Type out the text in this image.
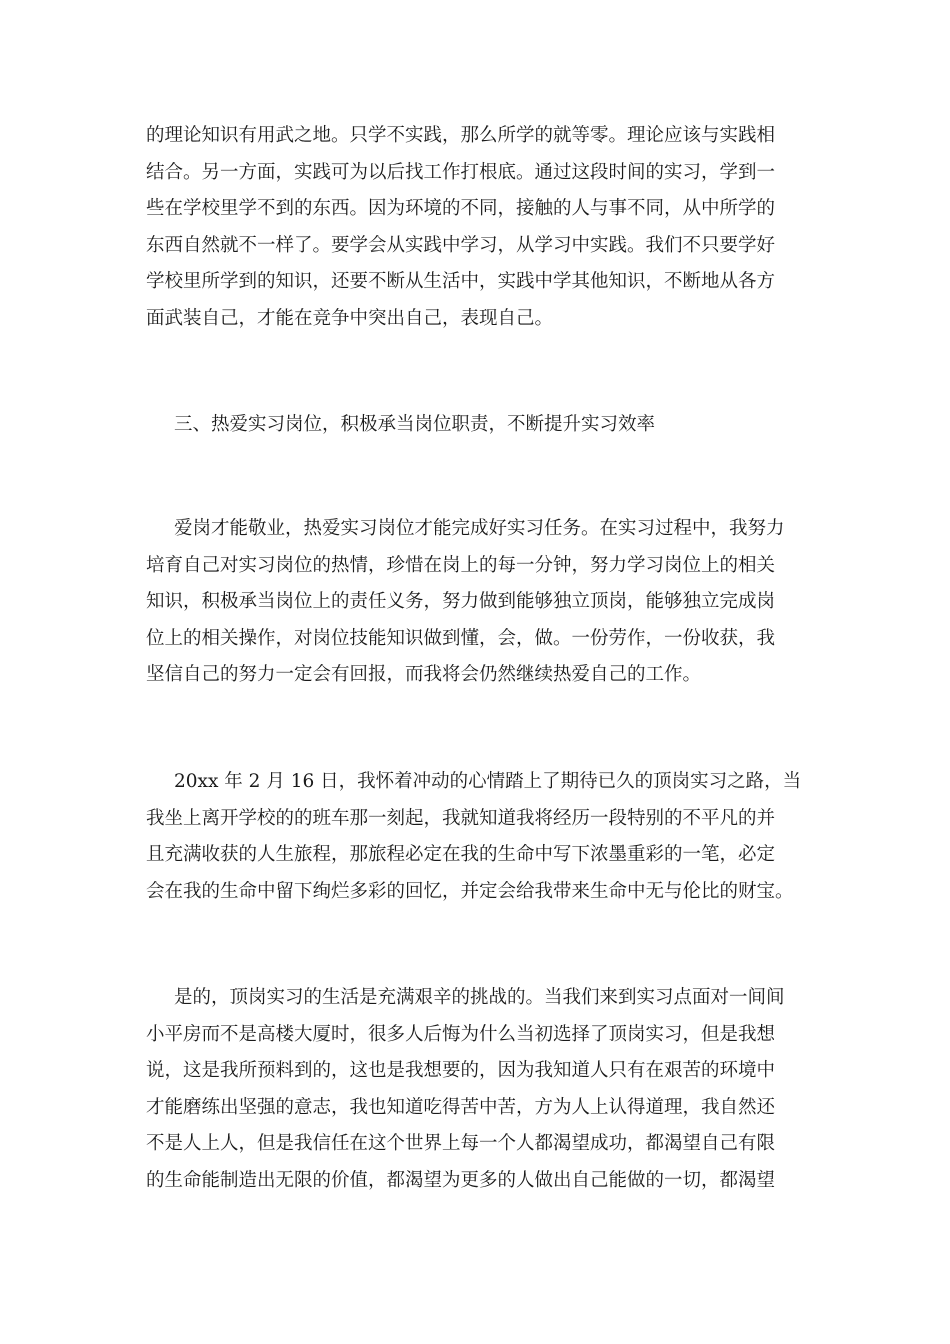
的理论知识有用武之地。只学不实践，那么所学的就等零。理论应该与实践相
结合。另一方面，实践可为以后找工作打根底。通过这段时间的实习，学到一
些在学校里学不到的东西。因为环境的不同，接触的人与事不同，从中所学的
东西自然就不一样了。要学会从实践中学习，从学习中实践。我们不只要学好
学校里所学到的知识，还要不断从生活中，实践中学其他知识，不断地从各方
面武装自己，才能在竞争中突出自己，表现自己。
三、热爱实习岗位，积极承当岗位职责，不断提升实习效率
爱岗才能敬业，热爱实习岗位才能完成好实习任务。在实习过程中，我努力
培育自己对实习岗位的热情，珍惜在岗上的每一分钟，努力学习岗位上的相关
知识，积极承当岗位上的责任义务，努力做到能够独立顶岗，能够独立完成岗
位上的相关操作，对岗位技能知识做到懂，会，做。一份劳作，一份收获，我
坚信自己的努力一定会有回报，而我将会仍然继续热爱自己的工作。
20xx 年 2 月 16 日，我怀着冲动的心情踏上了期待已久的顶岗实习之路，当
我坐上离开学校的的班车那一刻起，我就知道我将经历一段特别的不平凡的并
且充满收获的人生旅程，那旅程必定在我的生命中写下浓墨重彩的一笔，必定
会在我的生命中留下绚烂多彩的回忆，并定会给我带来生命中无与伦比的财宝。
是的，顶岗实习的生活是充满艰辛的挑战的。当我们来到实习点面对一间间
小平房而不是高楼大厦时，很多人后悔为什么当初选择了顶岗实习，但是我想
说，这是我所预料到的，这也是我想要的，因为我知道人只有在艰苦的环境中
才能磨练出坚强的意志，我也知道吃得苦中苦，方为人上认得道理，我自然还
不是人上人，但是我信任在这个世界上每一个人都渴望成功，都渴望自己有限
的生命能制造出无限的价值，都渴望为更多的人做出自己能做的一切，都渴望
